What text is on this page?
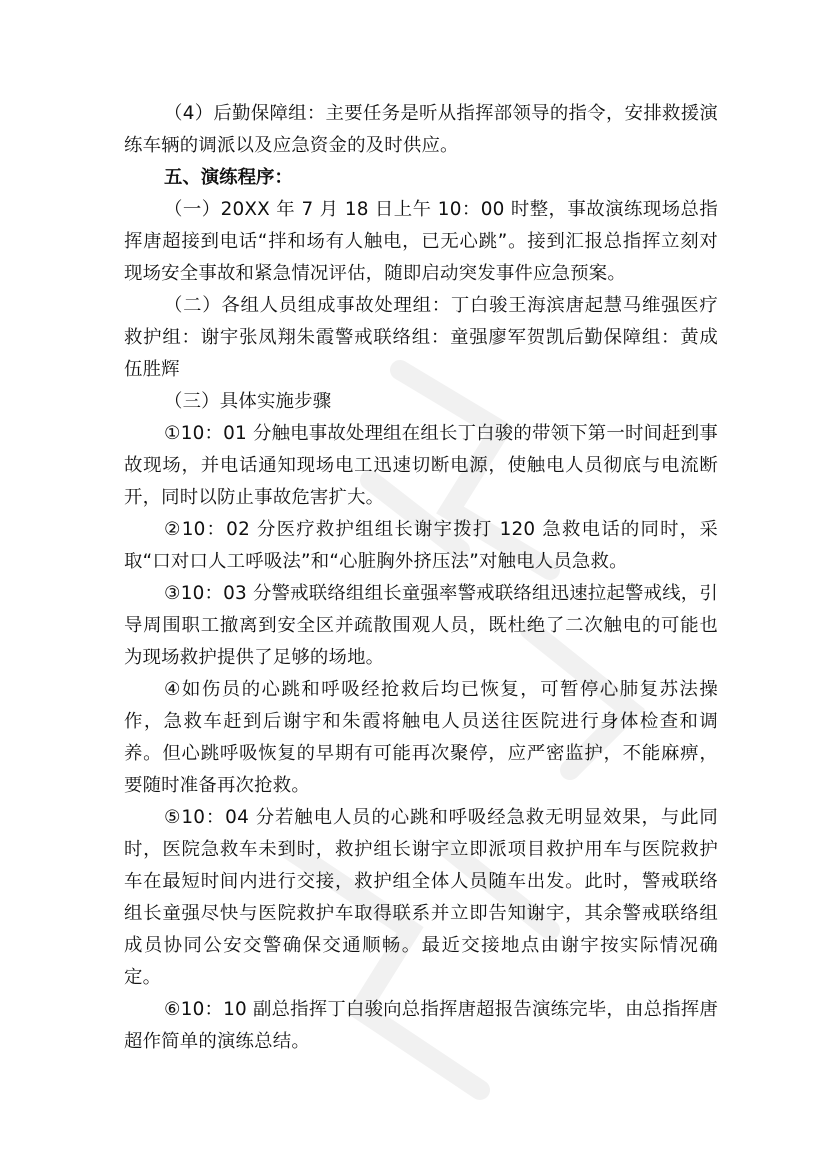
（4）后勤保障组：主要任务是听从指挥部领导的指令，安排救援演练车辆的调派以及应急资金的及时供应。

五、演练程序：

（一）20XX 年 7 月 18 日上午 10：00 时整，事故演练现场总指挥唐超接到电话“拌和场有人触电，已无心跳”。接到汇报总指挥立刻对现场安全事故和紧急情况评估，随即启动突发事件应急预案。

（二）各组人员组成事故处理组：丁白骏王海滨唐起慧马维强医疗救护组：谢宇张凤翔朱霞警戒联络组：童强廖军贺凯后勤保障组：黄成伍胜辉

（三）具体实施步骤

①10：01 分触电事故处理组在组长丁白骏的带领下第一时间赶到事故现场，并电话通知现场电工迅速切断电源，使触电人员彻底与电流断开，同时以防止事故危害扩大。

②10：02 分医疗救护组组长谢宇拨打 120 急救电话的同时，采取“口对口人工呼吸法”和“心脏胸外挤压法”对触电人员急救。

③10：03 分警戒联络组组长童强率警戒联络组迅速拉起警戒线，引导周围职工撤离到安全区并疏散围观人员，既杜绝了二次触电的可能也为现场救护提供了足够的场地。

④如伤员的心跳和呼吸经抢救后均已恢复，可暂停心肺复苏法操作，急救车赶到后谢宇和朱霞将触电人员送往医院进行身体检查和调养。但心跳呼吸恢复的早期有可能再次聚停，应严密监护，不能麻痹，要随时准备再次抢救。

⑤10：04 分若触电人员的心跳和呼吸经急救无明显效果，与此同时，医院急救车未到时，救护组长谢宇立即派项目救护用车与医院救护车在最短时间内进行交接，救护组全体人员随车出发。此时，警戒联络组长童强尽快与医院救护车取得联系并立即告知谢宇，其余警戒联络组成员协同公安交警确保交通顺畅。最近交接地点由谢宇按实际情况确定。

⑥10：10 副总指挥丁白骏向总指挥唐超报告演练完毕，由总指挥唐超作简单的演练总结。
